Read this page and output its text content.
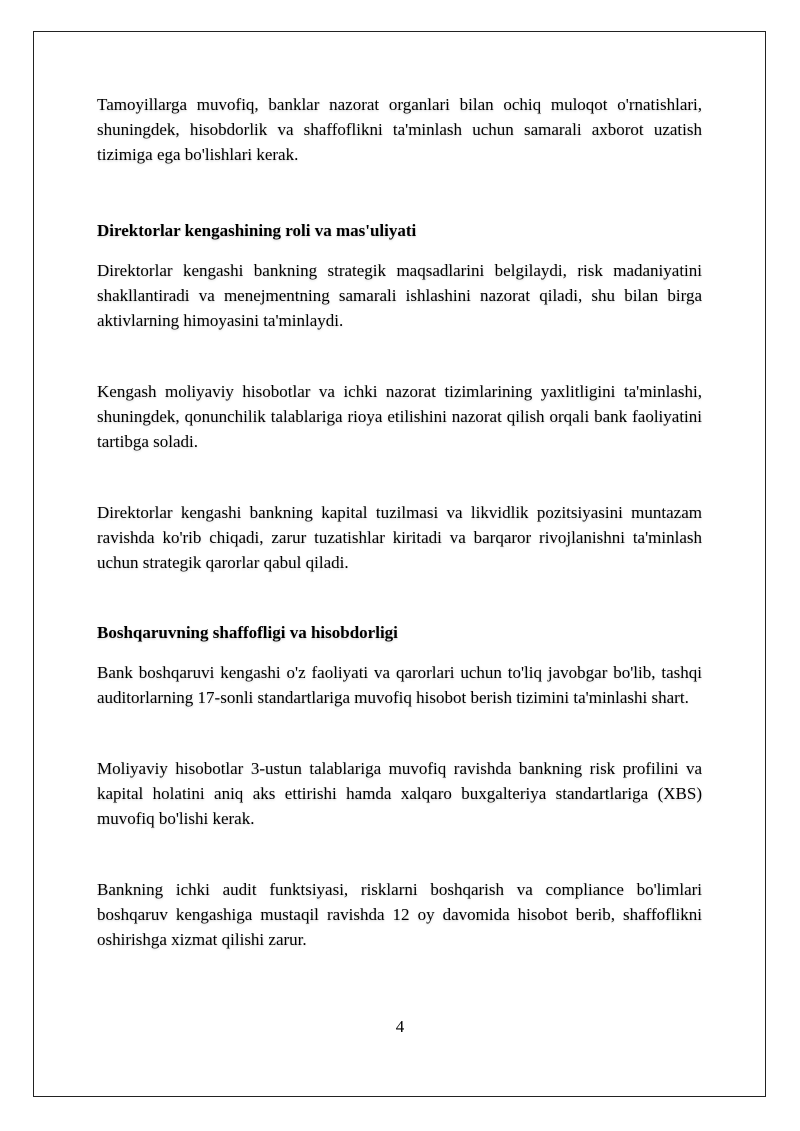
Tamoyillarga muvofiq, banklar nazorat organlari bilan ochiq muloqot o'rnatishlari, shuningdek, hisobdorlik va shaffoflikni ta'minlash uchun samarali axborot uzatish tizimiga ega bo'lishlari kerak.

Direktorlar kengashining roli va mas'uliyati

Direktorlar kengashi bankning strategik maqsadlarini belgilaydi, risk madaniyatini shakllantiradi va menejmentning samarali ishlashini nazorat qiladi, shu bilan birga aktivlarning himoyasini ta'minlaydi.

Kengash moliyaviy hisobotlar va ichki nazorat tizimlarining yaxlitligini ta'minlashi, shuningdek, qonunchilik talablariga rioya etilishini nazorat qilish orqali bank faoliyatini tartibga soladi.

Direktorlar kengashi bankning kapital tuzilmasi va likvidlik pozitsiyasini muntazam ravishda ko'rib chiqadi, zarur tuzatishlar kiritadi va barqaror rivojlanishni ta'minlash uchun strategik qarorlar qabul qiladi.

Boshqaruvning shaffofligi va hisobdorligi

Bank boshqaruvi kengashi o'z faoliyati va qarorlari uchun to'liq javobgar bo'lib, tashqi auditorlarning 17-sonli standartlariga muvofiq hisobot berish tizimini ta'minlashi shart.

Moliyaviy hisobotlar 3-ustun talablariga muvofiq ravishda bankning risk profilini va kapital holatini aniq aks ettirishi hamda xalqaro buxgalteriya standartlariga (XBS) muvofiq bo'lishi kerak.

Bankning ichki audit funktsiyasi, risklarni boshqarish va compliance bo'limlari boshqaruv kengashiga mustaqil ravishda 12 oy davomida hisobot berib, shaffoflikni oshirishga xizmat qilishi zarur.

4
